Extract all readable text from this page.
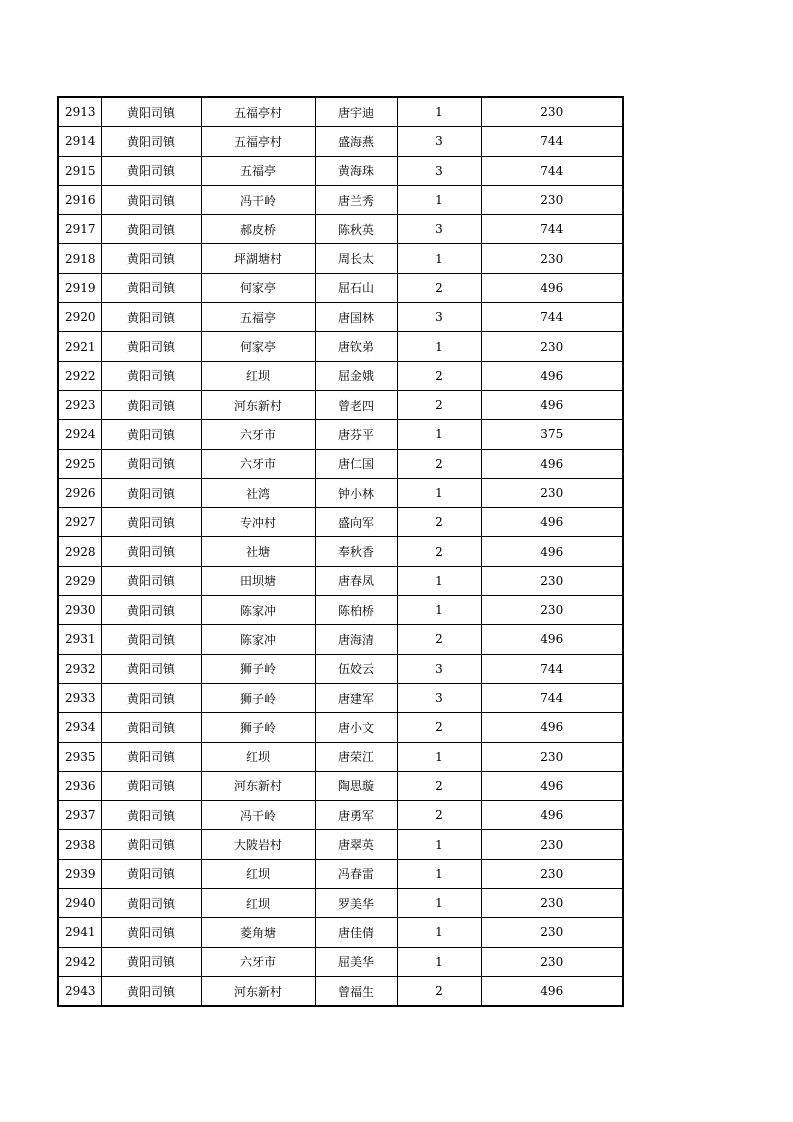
2913	黄阳司镇	五福亭村	唐宇迪	1	230
2914	黄阳司镇	五福亭村	盛海燕	3	744
2915	黄阳司镇	五福亭	黄海珠	3	744
2916	黄阳司镇	冯干岭	唐兰秀	1	230
2917	黄阳司镇	郝皮桥	陈秋英	3	744
2918	黄阳司镇	坪湖塘村	周长太	1	230
2919	黄阳司镇	何家亭	屈石山	2	496
2920	黄阳司镇	五福亭	唐国林	3	744
2921	黄阳司镇	何家亭	唐钦弟	1	230
2922	黄阳司镇	红坝	屈金娥	2	496
2923	黄阳司镇	河东新村	曾老四	2	496
2924	黄阳司镇	六牙市	唐芬平	1	375
2925	黄阳司镇	六牙市	唐仁国	2	496
2926	黄阳司镇	社湾	钟小林	1	230
2927	黄阳司镇	专冲村	盛向军	2	496
2928	黄阳司镇	社塘	奉秋香	2	496
2929	黄阳司镇	田坝塘	唐春凤	1	230
2930	黄阳司镇	陈家冲	陈柏桥	1	230
2931	黄阳司镇	陈家冲	唐海清	2	496
2932	黄阳司镇	狮子岭	伍姣云	3	744
2933	黄阳司镇	狮子岭	唐建军	3	744
2934	黄阳司镇	狮子岭	唐小文	2	496
2935	黄阳司镇	红坝	唐荣江	1	230
2936	黄阳司镇	河东新村	陶思璇	2	496
2937	黄阳司镇	冯干岭	唐勇军	2	496
2938	黄阳司镇	大陂岩村	唐翠英	1	230
2939	黄阳司镇	红坝	冯春雷	1	230
2940	黄阳司镇	红坝	罗美华	1	230
2941	黄阳司镇	菱角塘	唐佳倩	1	230
2942	黄阳司镇	六牙市	屈美华	1	230
2943	黄阳司镇	河东新村	曾福生	2	496
